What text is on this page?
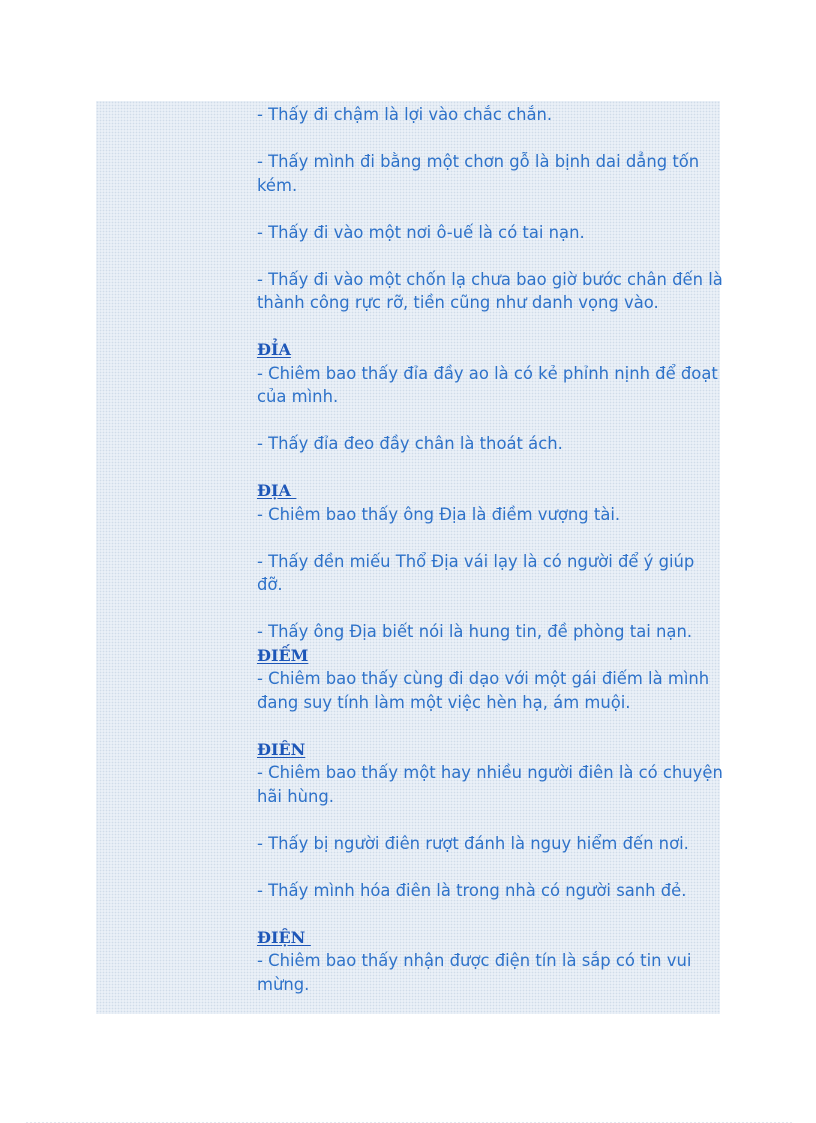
- Thấy đi chậm là lợi vào chắc chắn.

- Thấy mình đi bằng một chơn gỗ là bịnh dai dẳng tốn
kém.

- Thấy đi vào một nơi ô-uế là có tai nạn.

- Thấy đi vào một chốn lạ chưa bao giờ bước chân đến là
thành công rực rỡ, tiền cũng như danh vọng vào.

ĐỈA

- Chiêm bao thấy đỉa đầy ao là có kẻ phỉnh nịnh để đoạt
của mình.

- Thấy đỉa đeo đầy chân là thoát ách.

ĐỊA

- Chiêm bao thấy ông Địa là điềm vượng tài.

- Thấy đền miếu Thổ Địa vái lạy là có người để ý giúp
đỡ.

- Thấy ông Địa biết nói là hung tin, đề phòng tai nạn.

ĐIẾM

- Chiêm bao thấy cùng đi dạo với một gái điếm là mình
đang suy tính làm một việc hèn hạ, ám muội.

ĐIÊN

- Chiêm bao thấy một hay nhiều người điên là có chuyện
hãi hùng.

- Thấy bị người điên rượt đánh là nguy hiểm đến nơi.

- Thấy mình hóa điên là trong nhà có người sanh đẻ.

ĐIỆN

- Chiêm bao thấy nhận được điện tín là sắp có tin vui
mừng.
